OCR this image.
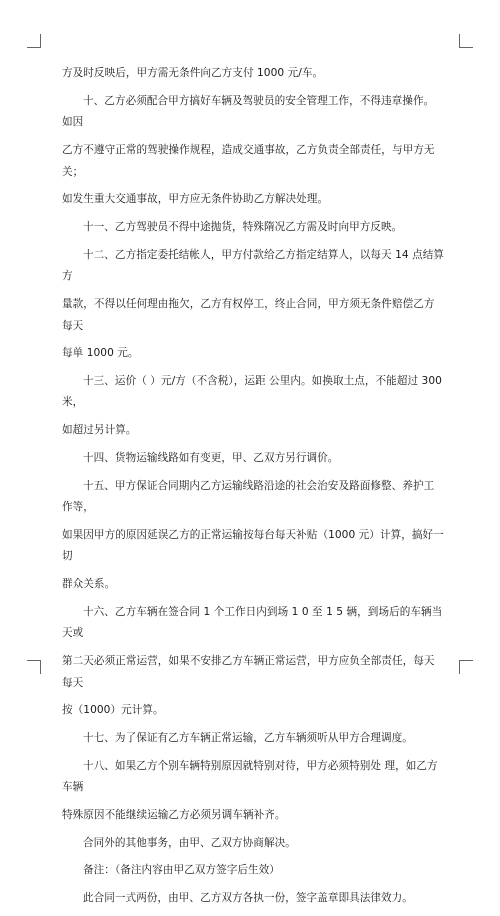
方及时反映后，甲方需无条件向乙方支付 1000 元/车。

十、乙方必须配合甲方搞好车辆及驾驶员的安全管理工作，不得违章操作。如因

乙方不遵守正常的驾驶操作规程，造成交通事故，乙方负责全部责任，与甲方无关；

如发生重大交通事故，甲方应无条件协助乙方解决处理。

十一、乙方驾驶员不得中途抛货，特殊隋况乙方需及时向甲方反映。

十二、乙方指定委托结帐人，甲方付款给乙方指定结算人，以每天 14 点结算方

量款，不得以任何理由拖欠，乙方有权停工，终止合同，甲方须无条件赔偿乙方每天

每单 1000 元。

十三、运价（ ）元/方（不含税），运距 公里内。如换取土点，不能超过 300 米，

如超过另计算。

十四、货物运输线路如有变更，甲、乙双方另行调价。

十五、甲方保证合同期内乙方运输线路沿途的社会治安及路面修整、养护工作等，

如果因甲方的原因延误乙方的正常运输按每台每天补贴（1000 元）计算，搞好一切

群众关系。

十六、乙方车辆在签合同 1 个工作日内到场 1 0 至 1 5 辆，到场后的车辆当天或

第二天必须正常运营，如果不安排乙方车辆正常运营，甲方应负全部责任，每天每天

按（1000）元计算。

十七、为了保证有乙方车辆正常运输，乙方车辆须听从甲方合理调度。

十八、如果乙方个别车辆特别原因就特别对待，甲方必须特别处 理，如乙方车辆

特殊原因不能继续运输乙方必须另调车辆补齐。

合同外的其他事务，由甲、乙双方协商解决。

备注：（备注内容由甲乙双方签字后生效）

此合同一式两份，由甲、乙方双方各执一份，签字盖章即具法律效力。
